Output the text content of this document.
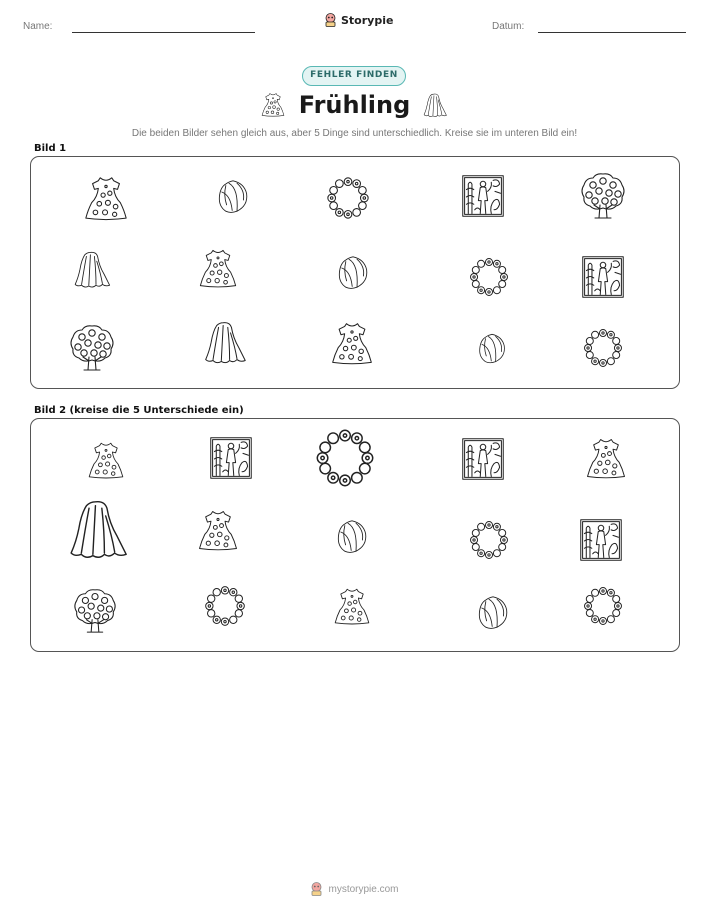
Name:	Storypie	Datum:
FEHLER FINDEN
Frühling
Die beiden Bilder sehen gleich aus, aber 5 Dinge sind unterschiedlich. Kreise sie im unteren Bild ein!
Bild 1
Bild 2 (kreise die 5 Unterschiede ein)
mystorypie.com
